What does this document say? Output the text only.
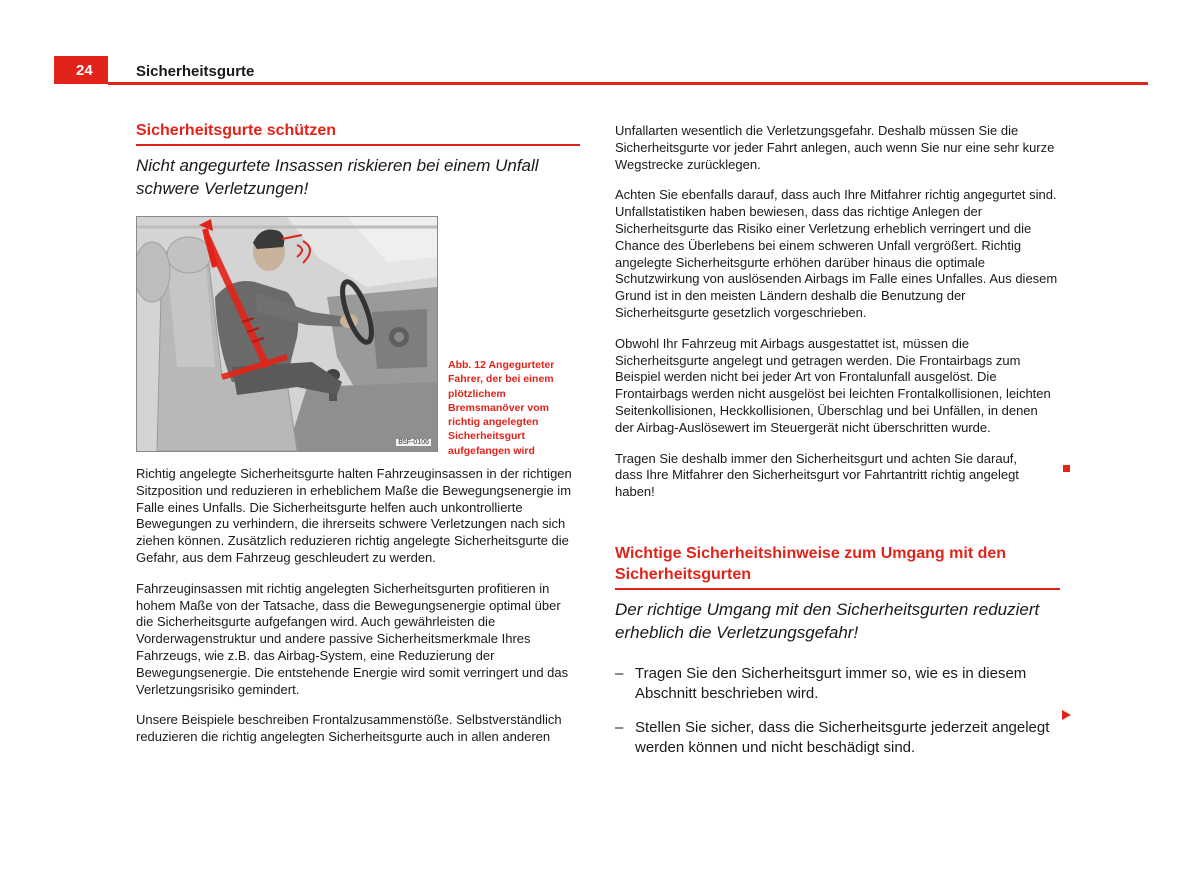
24	Sicherheitsgurte
Sicherheitsgurte schützen
Nicht angegurtete Insassen riskieren bei einem Unfall schwere Verletzungen!
B5F-0106
Abb. 12 Angegurteter Fahrer, der bei einem plötzlichem Bremsmanöver vom richtig angelegten Sicherheitsgurt aufgefangen wird

Richtig angelegte Sicherheitsgurte halten Fahrzeuginsassen in der richtigen Sitzposition und reduzieren in erheblichem Maße die Bewegungsenergie im Falle eines Unfalls. Die Sicherheitsgurte helfen auch unkontrollierte Bewegungen zu verhindern, die ihrerseits schwere Verletzungen nach sich ziehen können. Zusätzlich reduzieren richtig angelegte Sicherheitsgurte die Gefahr, aus dem Fahrzeug geschleudert zu werden.

Fahrzeuginsassen mit richtig angelegten Sicherheitsgurten profitieren in hohem Maße von der Tatsache, dass die Bewegungsenergie optimal über die Sicherheitsgurte aufgefangen wird. Auch gewährleisten die Vorderwagenstruktur und andere passive Sicherheitsmerkmale Ihres Fahrzeugs, wie z.B. das Airbag-System, eine Reduzierung der Bewegungsenergie. Die entstehende Energie wird somit verringert und das Verletzungsrisiko gemindert.

Unsere Beispiele beschreiben Frontalzusammenstöße. Selbstverständlich reduzieren die richtig angelegten Sicherheitsgurte auch in allen anderen

Unfallarten wesentlich die Verletzungsgefahr. Deshalb müssen Sie die Sicherheitsgurte vor jeder Fahrt anlegen, auch wenn Sie nur eine sehr kurze Wegstrecke zurücklegen.

Achten Sie ebenfalls darauf, dass auch Ihre Mitfahrer richtig angegurtet sind. Unfallstatistiken haben bewiesen, dass das richtige Anlegen der Sicherheitsgurte das Risiko einer Verletzung erheblich verringert und die Chance des Überlebens bei einem schweren Unfall vergrößert. Richtig angelegte Sicherheitsgurte erhöhen darüber hinaus die optimale Schutzwirkung von auslösenden Airbags im Falle eines Unfalles. Aus diesem Grund ist in den meisten Ländern deshalb die Benutzung der Sicherheitsgurte gesetzlich vorgeschrieben.

Obwohl Ihr Fahrzeug mit Airbags ausgestattet ist, müssen die Sicherheitsgurte angelegt und getragen werden. Die Frontairbags zum Beispiel werden nicht bei jeder Art von Frontalunfall ausgelöst. Die Frontairbags werden nicht ausgelöst bei leichten Frontalkollisionen, leichten Seitenkollisionen, Heckkollisionen, Überschlag und bei Unfällen, in denen der Airbag-Auslösewert im Steuergerät nicht überschritten wurde.

Tragen Sie deshalb immer den Sicherheitsgurt und achten Sie darauf, dass Ihre Mitfahrer den Sicherheitsgurt vor Fahrtantritt richtig angelegt haben!

Wichtige Sicherheitshinweise zum Umgang mit den Sicherheitsgurten
Der richtige Umgang mit den Sicherheitsgurten reduziert erheblich die Verletzungsgefahr!
– Tragen Sie den Sicherheitsgurt immer so, wie es in diesem Abschnitt beschrieben wird.
– Stellen Sie sicher, dass die Sicherheitsgurte jederzeit angelegt werden können und nicht beschädigt sind.
